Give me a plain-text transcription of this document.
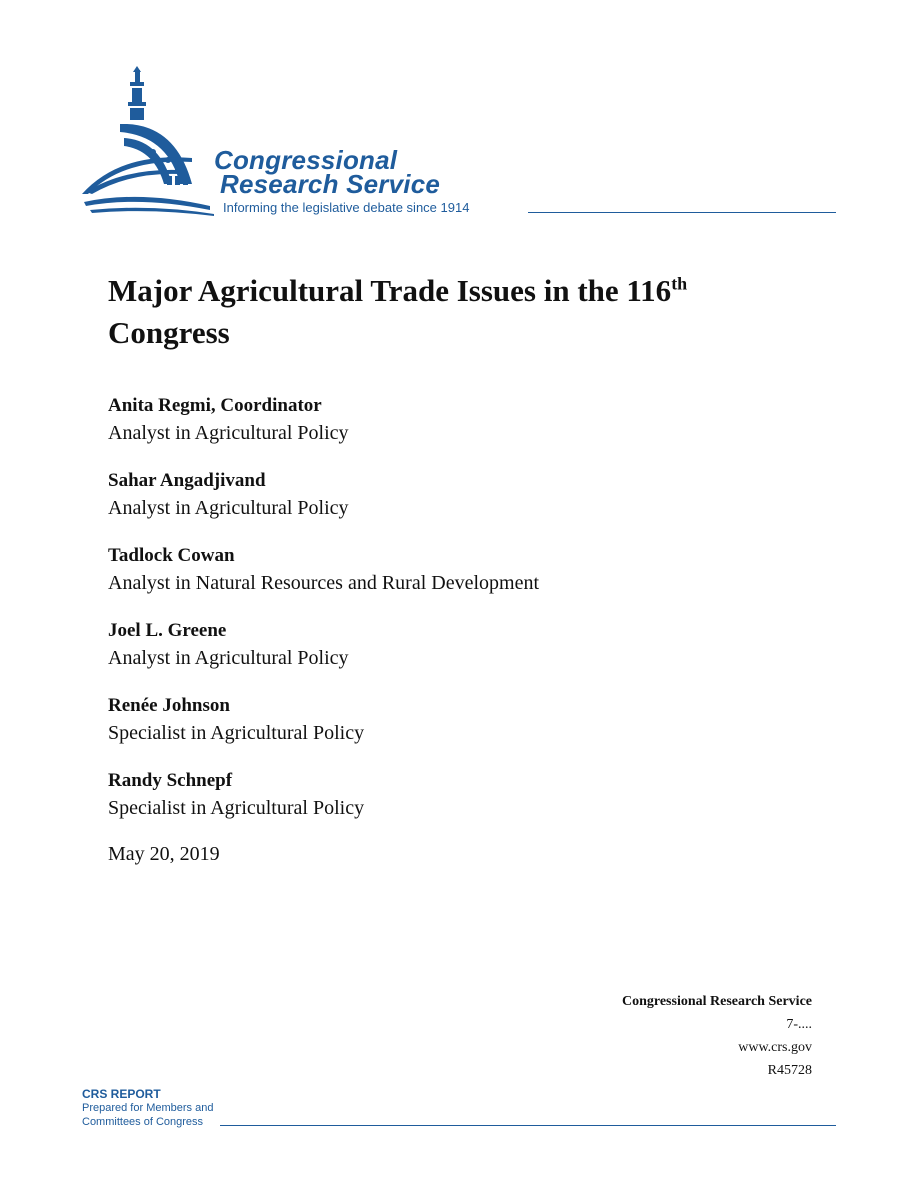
Congressional
Research Service
Informing the legislative debate since 1914
Major Agricultural Trade Issues in the 116th
Congress
Anita Regmi, Coordinator
Analyst in Agricultural Policy
Sahar Angadjivand
Analyst in Agricultural Policy
Tadlock Cowan
Analyst in Natural Resources and Rural Development
Joel L. Greene
Analyst in Agricultural Policy
Renée Johnson
Specialist in Agricultural Policy
Randy Schnepf
Specialist in Agricultural Policy
May 20, 2019
Congressional Research Service
7-....
www.crs.gov
R45728
CRS REPORT
Prepared for Members and
Committees of Congress
